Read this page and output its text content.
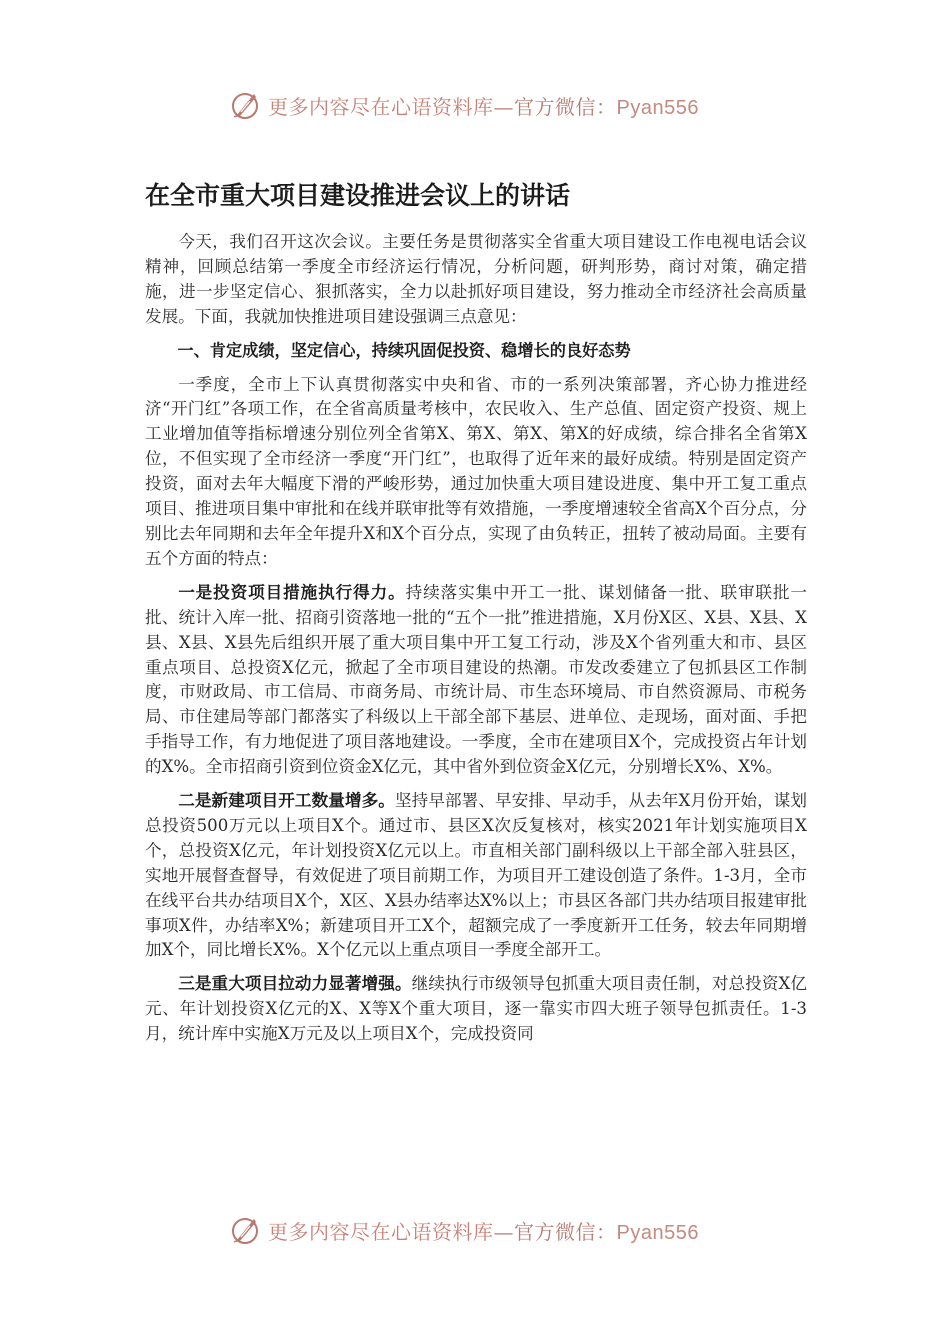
更多内容尽在心语资料库—官方微信：Pyan556
在全市重大项目建设推进会议上的讲话

今天，我们召开这次会议。主要任务是贯彻落实全省重大项目建设工作电视电话会议精神，回顾总结第一季度全市经济运行情况，分析问题，研判形势，商讨对策，确定措施，进一步坚定信心、狠抓落实，全力以赴抓好项目建设，努力推动全市经济社会高质量发展。下面，我就加快推进项目建设强调三点意见：

一、肯定成绩，坚定信心，持续巩固促投资、稳增长的良好态势

一季度，全市上下认真贯彻落实中央和省、市的一系列决策部署，齐心协力推进经济“开门红”各项工作，在全省高质量考核中，农民收入、生产总值、固定资产投资、规上工业增加值等指标增速分别位列全省第X、第X、第X、第X的好成绩，综合排名全省第X位，不但实现了全市经济一季度“开门红”，也取得了近年来的最好成绩。特别是固定资产投资，面对去年大幅度下滑的严峻形势，通过加快重大项目建设进度、集中开工复工重点项目、推进项目集中审批和在线并联审批等有效措施，一季度增速较全省高X个百分点，分别比去年同期和去年全年提升X和X个百分点，实现了由负转正，扭转了被动局面。主要有五个方面的特点：

一是投资项目措施执行得力。持续落实集中开工一批、谋划储备一批、联审联批一批、统计入库一批、招商引资落地一批的“五个一批”推进措施，X月份X区、X县、X县、X县、X县、X县先后组织开展了重大项目集中开工复工行动，涉及X个省列重大和市、县区重点项目、总投资X亿元，掀起了全市项目建设的热潮。市发改委建立了包抓县区工作制度，市财政局、市工信局、市商务局、市统计局、市生态环境局、市自然资源局、市税务局、市住建局等部门都落实了科级以上干部全部下基层、进单位、走现场，面对面、手把手指导工作，有力地促进了项目落地建设。一季度，全市在建项目X个，完成投资占年计划的X%。全市招商引资到位资金X亿元，其中省外到位资金X亿元，分别增长X%、X%。

二是新建项目开工数量增多。坚持早部署、早安排、早动手，从去年X月份开始，谋划总投资500万元以上项目X个。通过市、县区X次反复核对，核实2021年计划实施项目X个，总投资X亿元，年计划投资X亿元以上。市直相关部门副科级以上干部全部入驻县区，实地开展督查督导，有效促进了项目前期工作，为项目开工建设创造了条件。1-3月，全市在线平台共办结项目X个，X区、X县办结率达X%以上；市县区各部门共办结项目报建审批事项X件，办结率X%；新建项目开工X个，超额完成了一季度新开工任务，较去年同期增加X个，同比增长X%。X个亿元以上重点项目一季度全部开工。

三是重大项目拉动力显著增强。继续执行市级领导包抓重大项目责任制，对总投资X亿元、年计划投资X亿元的X、X等X个重大项目，逐一靠实市四大班子领导包抓责任。1-3月，统计库中实施X万元及以上项目X个，完成投资同

更多内容尽在心语资料库—官方微信：Pyan556
